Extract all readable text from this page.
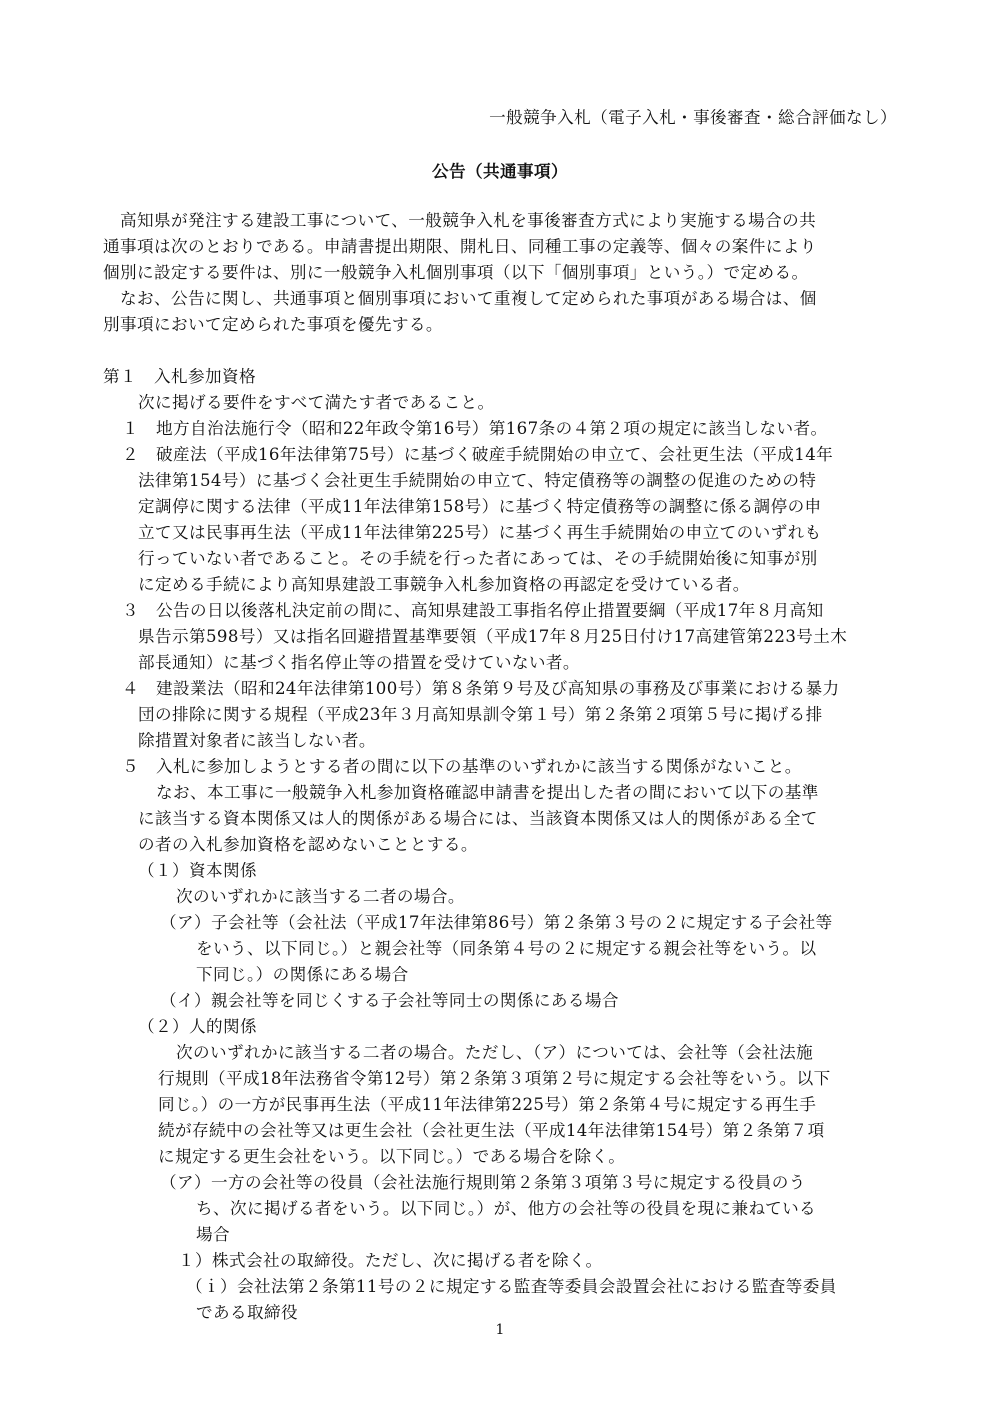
一般競争入札（電子入札・事後審査・総合評価なし）
公告（共通事項）
高知県が発注する建設工事について、一般競争入札を事後審査方式により実施する場合の共
通事項は次のとおりである。申請書提出期限、開札日、同種工事の定義等、個々の案件により
個別に設定する要件は、別に一般競争入札個別事項（以下「個別事項」という。）で定める。
なお、公告に関し、共通事項と個別事項において重複して定められた事項がある場合は、個
別事項において定められた事項を優先する。
第１　入札参加資格
次に掲げる要件をすべて満たす者であること。
１　地方自治法施行令（昭和22年政令第16号）第167条の４第２項の規定に該当しない者。
２　破産法（平成16年法律第75号）に基づく破産手続開始の申立て、会社更生法（平成14年
法律第154号）に基づく会社更生手続開始の申立て、特定債務等の調整の促進のための特
定調停に関する法律（平成11年法律第158号）に基づく特定債務等の調整に係る調停の申
立て又は民事再生法（平成11年法律第225号）に基づく再生手続開始の申立てのいずれも
行っていない者であること。その手続を行った者にあっては、その手続開始後に知事が別
に定める手続により高知県建設工事競争入札参加資格の再認定を受けている者。
３　公告の日以後落札決定前の間に、高知県建設工事指名停止措置要綱（平成17年８月高知
県告示第598号）又は指名回避措置基準要領（平成17年８月25日付け17高建管第223号土木
部長通知）に基づく指名停止等の措置を受けていない者。
４　建設業法（昭和24年法律第100号）第８条第９号及び高知県の事務及び事業における暴力
団の排除に関する規程（平成23年３月高知県訓令第１号）第２条第２項第５号に掲げる排
除措置対象者に該当しない者。
５　入札に参加しようとする者の間に以下の基準のいずれかに該当する関係がないこと。
なお、本工事に一般競争入札参加資格確認申請書を提出した者の間において以下の基準
に該当する資本関係又は人的関係がある場合には、当該資本関係又は人的関係がある全て
の者の入札参加資格を認めないこととする。
（１）資本関係
次のいずれかに該当する二者の場合。
（ア）子会社等（会社法（平成17年法律第86号）第２条第３号の２に規定する子会社等
をいう、以下同じ。）と親会社等（同条第４号の２に規定する親会社等をいう。以
下同じ。）の関係にある場合
（イ）親会社等を同じくする子会社等同士の関係にある場合
（２）人的関係
次のいずれかに該当する二者の場合。ただし、（ア）については、会社等（会社法施
行規則（平成18年法務省令第12号）第２条第３項第２号に規定する会社等をいう。以下
同じ。）の一方が民事再生法（平成11年法律第225号）第２条第４号に規定する再生手
続が存続中の会社等又は更生会社（会社更生法（平成14年法律第154号）第２条第７項
に規定する更生会社をいう。以下同じ。）である場合を除く。
（ア）一方の会社等の役員（会社法施行規則第２条第３項第３号に規定する役員のう
ち、次に掲げる者をいう。以下同じ。）が、他方の会社等の役員を現に兼ねている
場合
１）株式会社の取締役。ただし、次に掲げる者を除く。
（ｉ）会社法第２条第11号の２に規定する監査等委員会設置会社における監査等委員
である取締役
1
